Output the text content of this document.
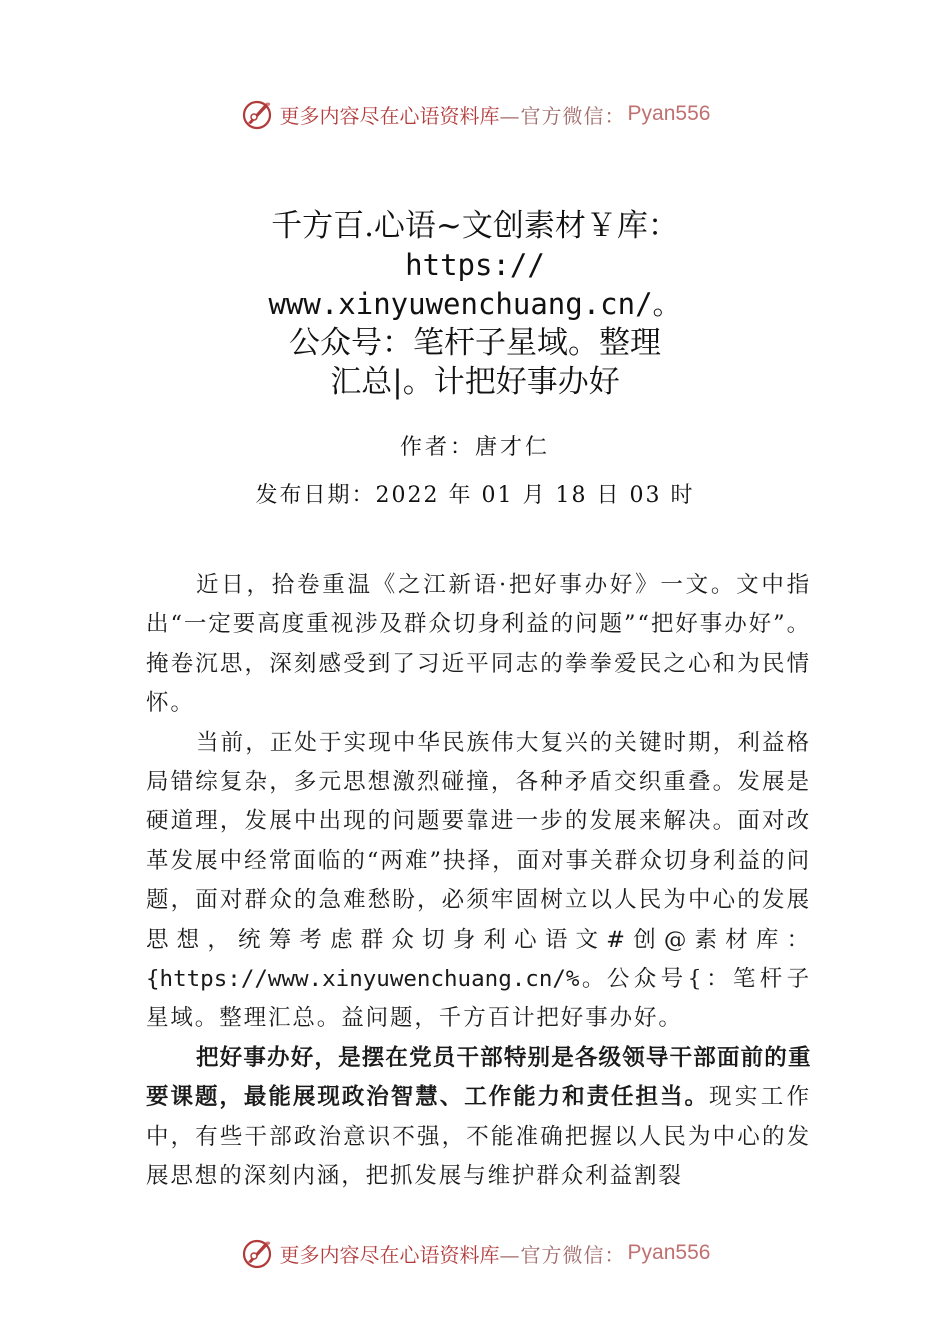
更多内容尽在心语资料库 —官方微信： Pyan556
千方百.心语~文创素材￥库：
https://
www.xinyuwenchuang.cn/。
公众号：笔杆子星域。整理
汇总|。计把好事办好
作者：唐才仁
发布日期：2022 年 01 月 18 日 03 时

近日，拾卷重温《之江新语·把好事办好》一文。文中指出“一定要高度重视涉及群众切身利益的问题”“把好事办好”。掩卷沉思，深刻感受到了习近平同志的拳拳爱民之心和为民情怀。

当前，正处于实现中华民族伟大复兴的关键时期，利益格局错综复杂，多元思想激烈碰撞，各种矛盾交织重叠。发展是硬道理，发展中出现的问题要靠进一步的发展来解决。面对改革发展中经常面临的“两难”抉择，面对事关群众切身利益的问题，面对群众的急难愁盼，必须牢固树立以人民为中心的发展思想，统筹考虑群众切身利心语文#创@素材库：{https://www.xinyuwenchuang.cn/%。公众号{：笔杆子星域。整理汇总。益问题，千方百计把好事办好。

把好事办好，是摆在党员干部特别是各级领导干部面前的重要课题，最能展现政治智慧、工作能力和责任担当。现实工作中，有些干部政治意识不强，不能准确把握以人民为中心的发展思想的深刻内涵，把抓发展与维护群众利益割裂

更多内容尽在心语资料库 —官方微信： Pyan556
